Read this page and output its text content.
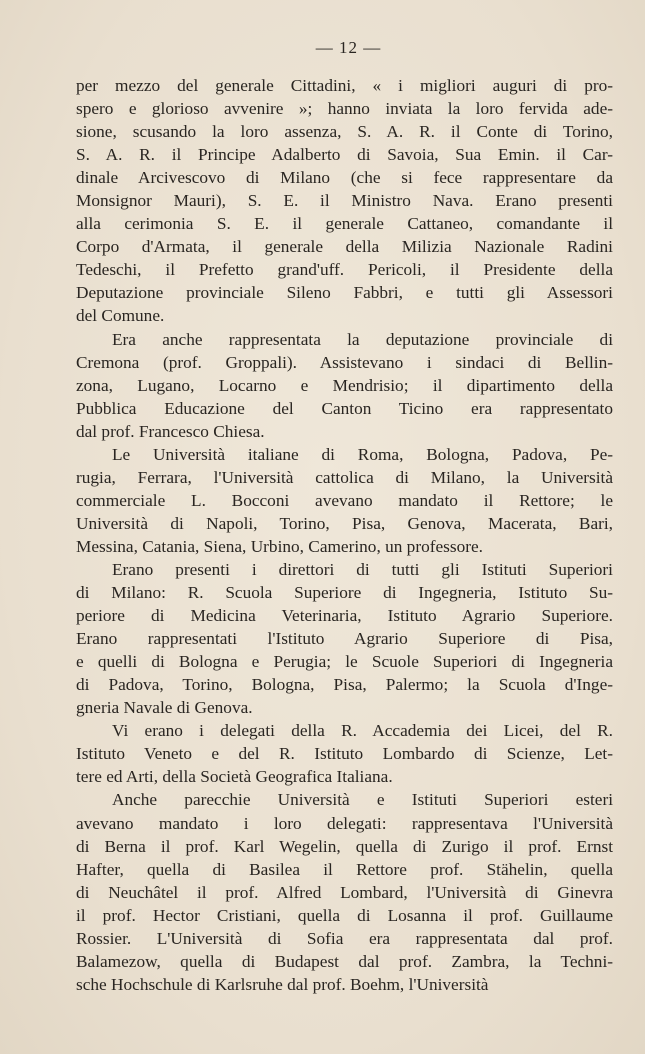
— 12 —
per mezzo del generale Cittadini, « i migliori auguri di pro-
spero e glorioso avvenire »; hanno inviata la loro fervida ade-
sione, scusando la loro assenza, S. A. R. il Conte di Torino,
S. A. R. il Principe Adalberto di Savoia, Sua Emin. il Car-
dinale Arcivescovo di Milano (che si fece rappresentare da
Monsignor Mauri), S. E. il Ministro Nava. Erano presenti
alla cerimonia S. E. il generale Cattaneo, comandante il
Corpo d'Armata, il generale della Milizia Nazionale Radini
Tedeschi, il Prefetto grand'uff. Pericoli, il Presidente della
Deputazione provinciale Sileno Fabbri, e tutti gli Assessori
del Comune.
Era anche rappresentata la deputazione provinciale di
Cremona (prof. Groppali). Assistevano i sindaci di Bellin-
zona, Lugano, Locarno e Mendrisio; il dipartimento della
Pubblica Educazione del Canton Ticino era rappresentato
dal prof. Francesco Chiesa.
Le Università italiane di Roma, Bologna, Padova, Pe-
rugia, Ferrara, l'Università cattolica di Milano, la Università
commerciale L. Bocconi avevano mandato il Rettore; le
Università di Napoli, Torino, Pisa, Genova, Macerata, Bari,
Messina, Catania, Siena, Urbino, Camerino, un professore.
Erano presenti i direttori di tutti gli Istituti Superiori
di Milano: R. Scuola Superiore di Ingegneria, Istituto Su-
periore di Medicina Veterinaria, Istituto Agrario Superiore.
Erano rappresentati l'Istituto Agrario Superiore di Pisa,
e quelli di Bologna e Perugia; le Scuole Superiori di Ingegneria
di Padova, Torino, Bologna, Pisa, Palermo; la Scuola d'Inge-
gneria Navale di Genova.
Vi erano i delegati della R. Accademia dei Licei, del R.
Istituto Veneto e del R. Istituto Lombardo di Scienze, Let-
tere ed Arti, della Società Geografica Italiana.
Anche parecchie Università e Istituti Superiori esteri
avevano mandato i loro delegati: rappresentava l'Università
di Berna il prof. Karl Wegelin, quella di Zurigo il prof. Ernst
Hafter, quella di Basilea il Rettore prof. Stähelin, quella
di Neuchâtel il prof. Alfred Lombard, l'Università di Ginevra
il prof. Hector Cristiani, quella di Losanna il prof. Guillaume
Rossier. L'Università di Sofia era rappresentata dal prof.
Balamezow, quella di Budapest dal prof. Zambra, la Techni-
sche Hochschule di Karlsruhe dal prof. Boehm, l'Università
